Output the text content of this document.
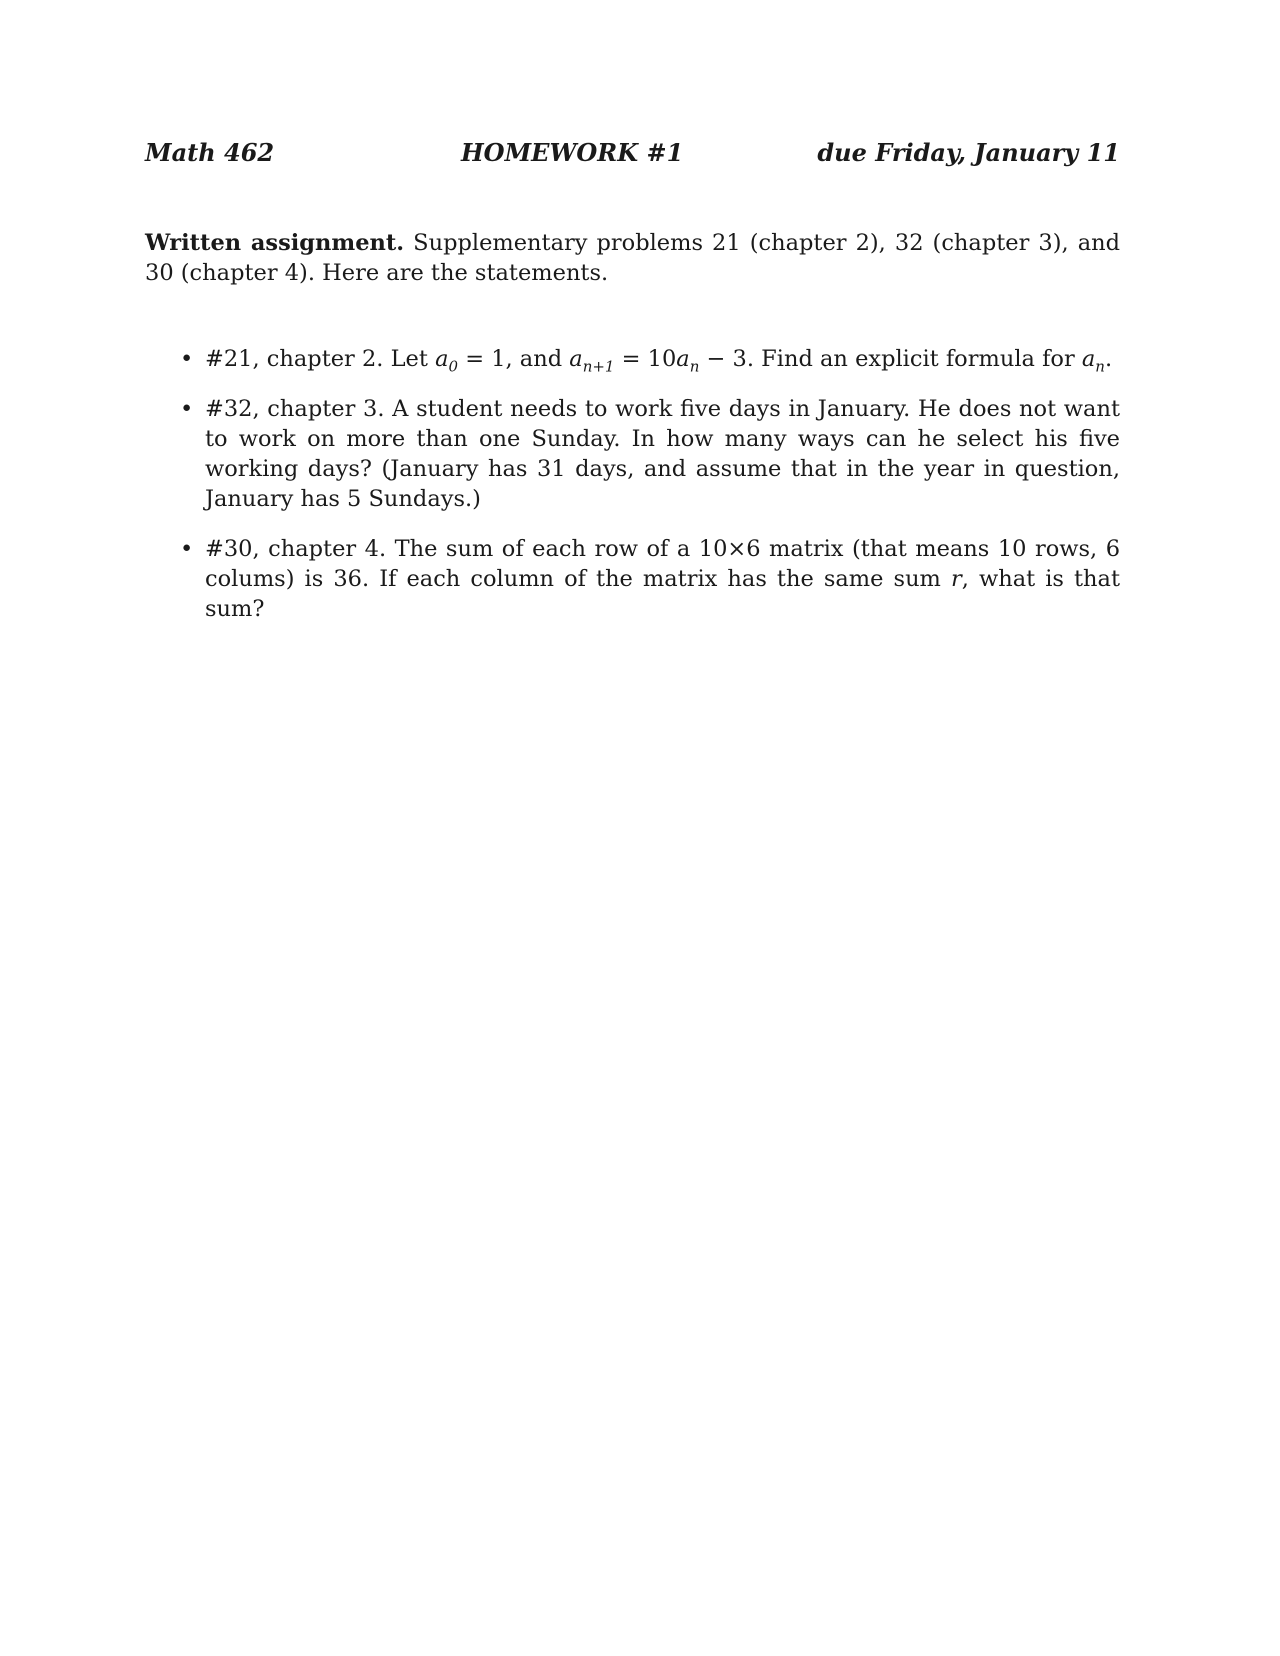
Math 462	HOMEWORK #1	due Friday, January 11

Written assignment. Supplementary problems 21 (chapter 2), 32 (chapter 3), and 30 (chapter 4). Here are the statements.

• #21, chapter 2. Let $a_0 = 1$, and $a_{n+1} = 10a_n - 3$. Find an explicit formula for $a_n$.
• #32, chapter 3. A student needs to work five days in January. He does not want to work on more than one Sunday. In how many ways can he select his five working days? (January has 31 days, and assume that in the year in question, January has 5 Sundays.)
• #30, chapter 4. The sum of each row of a 10×6 matrix (that means 10 rows, 6 colums) is 36. If each column of the matrix has the same sum r, what is that sum?
